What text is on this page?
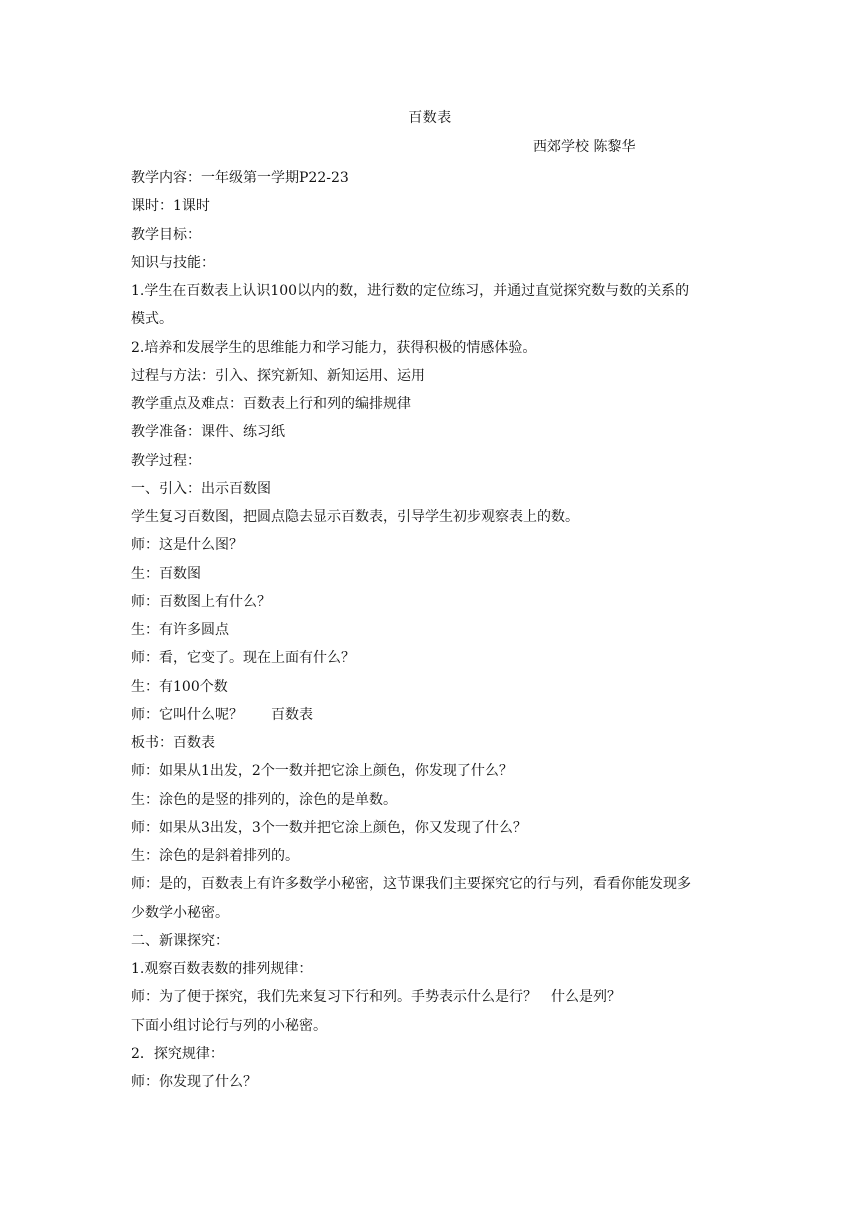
百数表
西郊学校 陈黎华
教学内容：一年级第一学期P22-23
课时：1课时
教学目标：
知识与技能：
1.学生在百数表上认识100以内的数，进行数的定位练习，并通过直觉探究数与数的关系的
模式。
2.培养和发展学生的思维能力和学习能力，获得积极的情感体验。
过程与方法：引入、探究新知、新知运用、运用
教学重点及难点：百数表上行和列的编排规律
教学准备：课件、练习纸
教学过程：
一、引入：出示百数图
学生复习百数图，把圆点隐去显示百数表，引导学生初步观察表上的数。
师：这是什么图？
生：百数图
师：百数图上有什么？
生：有许多圆点
师：看，它变了。现在上面有什么？
生：有100个数
师：它叫什么呢？　　百数表
板书：百数表
师：如果从1出发，2个一数并把它涂上颜色，你发现了什么？
生：涂色的是竖的排列的，涂色的是单数。
师：如果从3出发，3个一数并把它涂上颜色，你又发现了什么？
生：涂色的是斜着排列的。
师：是的，百数表上有许多数学小秘密，这节课我们主要探究它的行与列，看看你能发现多
少数学小秘密。
二、新课探究：
1.观察百数表数的排列规律：
师：为了便于探究，我们先来复习下行和列。手势表示什么是行？　什么是列？
下面小组讨论行与列的小秘密。
2．探究规律：
师：你发现了什么？
